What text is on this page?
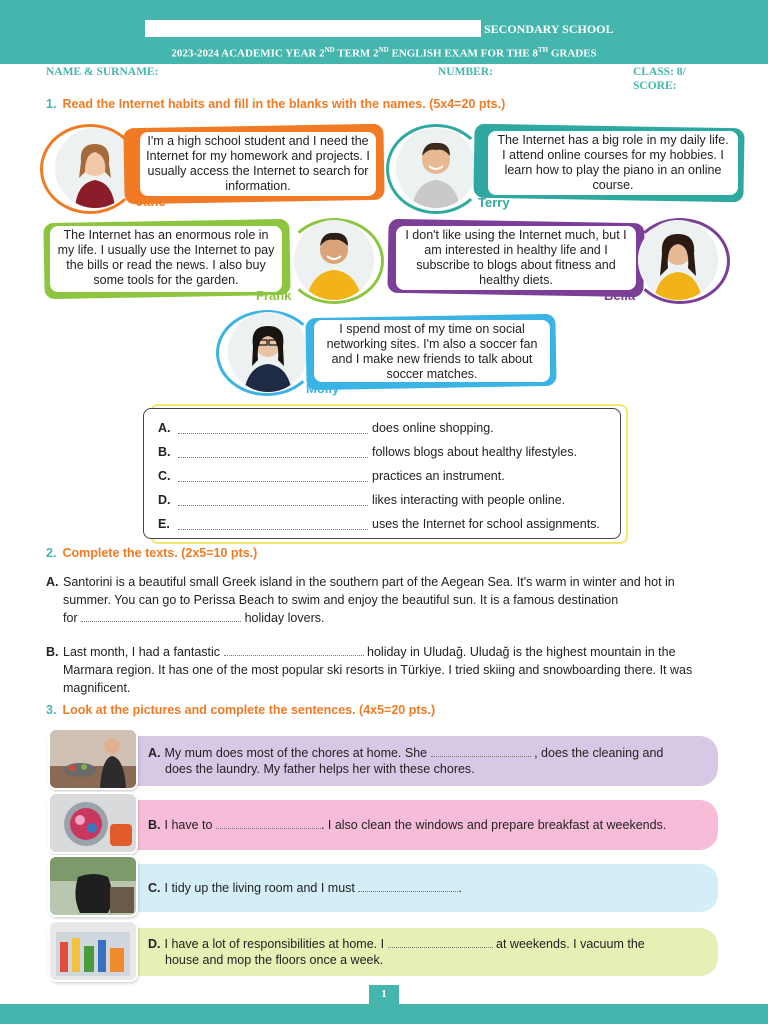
SECONDARY SCHOOL
2023-2024 ACADEMIC YEAR 2ND TERM 2ND ENGLISH EXAM FOR THE 8TH GRADES
NAME & SURNAME:	NUMBER:	CLASS: 8/
SCORE:
1. Read the Internet habits and fill in the blanks with the names. (5x4=20 pts.)
I'm a high school student and I need the Internet for my homework and projects. I usually access the Internet to search for information.
Jane
The Internet has a big role in my daily life. I attend online courses for my hobbies. I learn how to play the piano in an online course.
Terry
The Internet has an enormous role in my life. I usually use the Internet to pay the bills or read the news. I also buy some tools for the garden.
Frank
I don't like using the Internet much, but I am interested in healthy life and I subscribe to blogs about fitness and healthy diets.
Bella
I spend most of my time on social networking sites. I'm also a soccer fan and I make new friends to talk about soccer matches.
Molly
A.	does online shopping.
B.	follows blogs about healthy lifestyles.
C.	practices an instrument.
D.	likes interacting with people online.
E.	uses the Internet for school assignments.
2. Complete the texts. (2x5=10 pts.)
A. Santorini is a beautiful small Greek island in the southern part of the Aegean Sea. It's warm in winter and hot in summer. You can go to Perissa Beach to swim and enjoy the beautiful sun. It is a famous destination
for	holiday lovers.
B. Last month, I had a fantastic	holiday in Uludağ. Uludağ is the highest mountain in the Marmara region. It has one of the most popular ski resorts in Türkiye. I tried skiing and snowboarding there. It was magnificent.
3. Look at the pictures and complete the sentences. (4x5=20 pts.)
A. My mum does most of the chores at home. She	, does the cleaning and
does the laundry. My father helps her with these chores.
B. I have to	. I also clean the windows and prepare breakfast at weekends.
C. I tidy up the living room and I must	.
D. I have a lot of responsibilities at home. I	at weekends. I vacuum the
house and mop the floors once a week.
1
